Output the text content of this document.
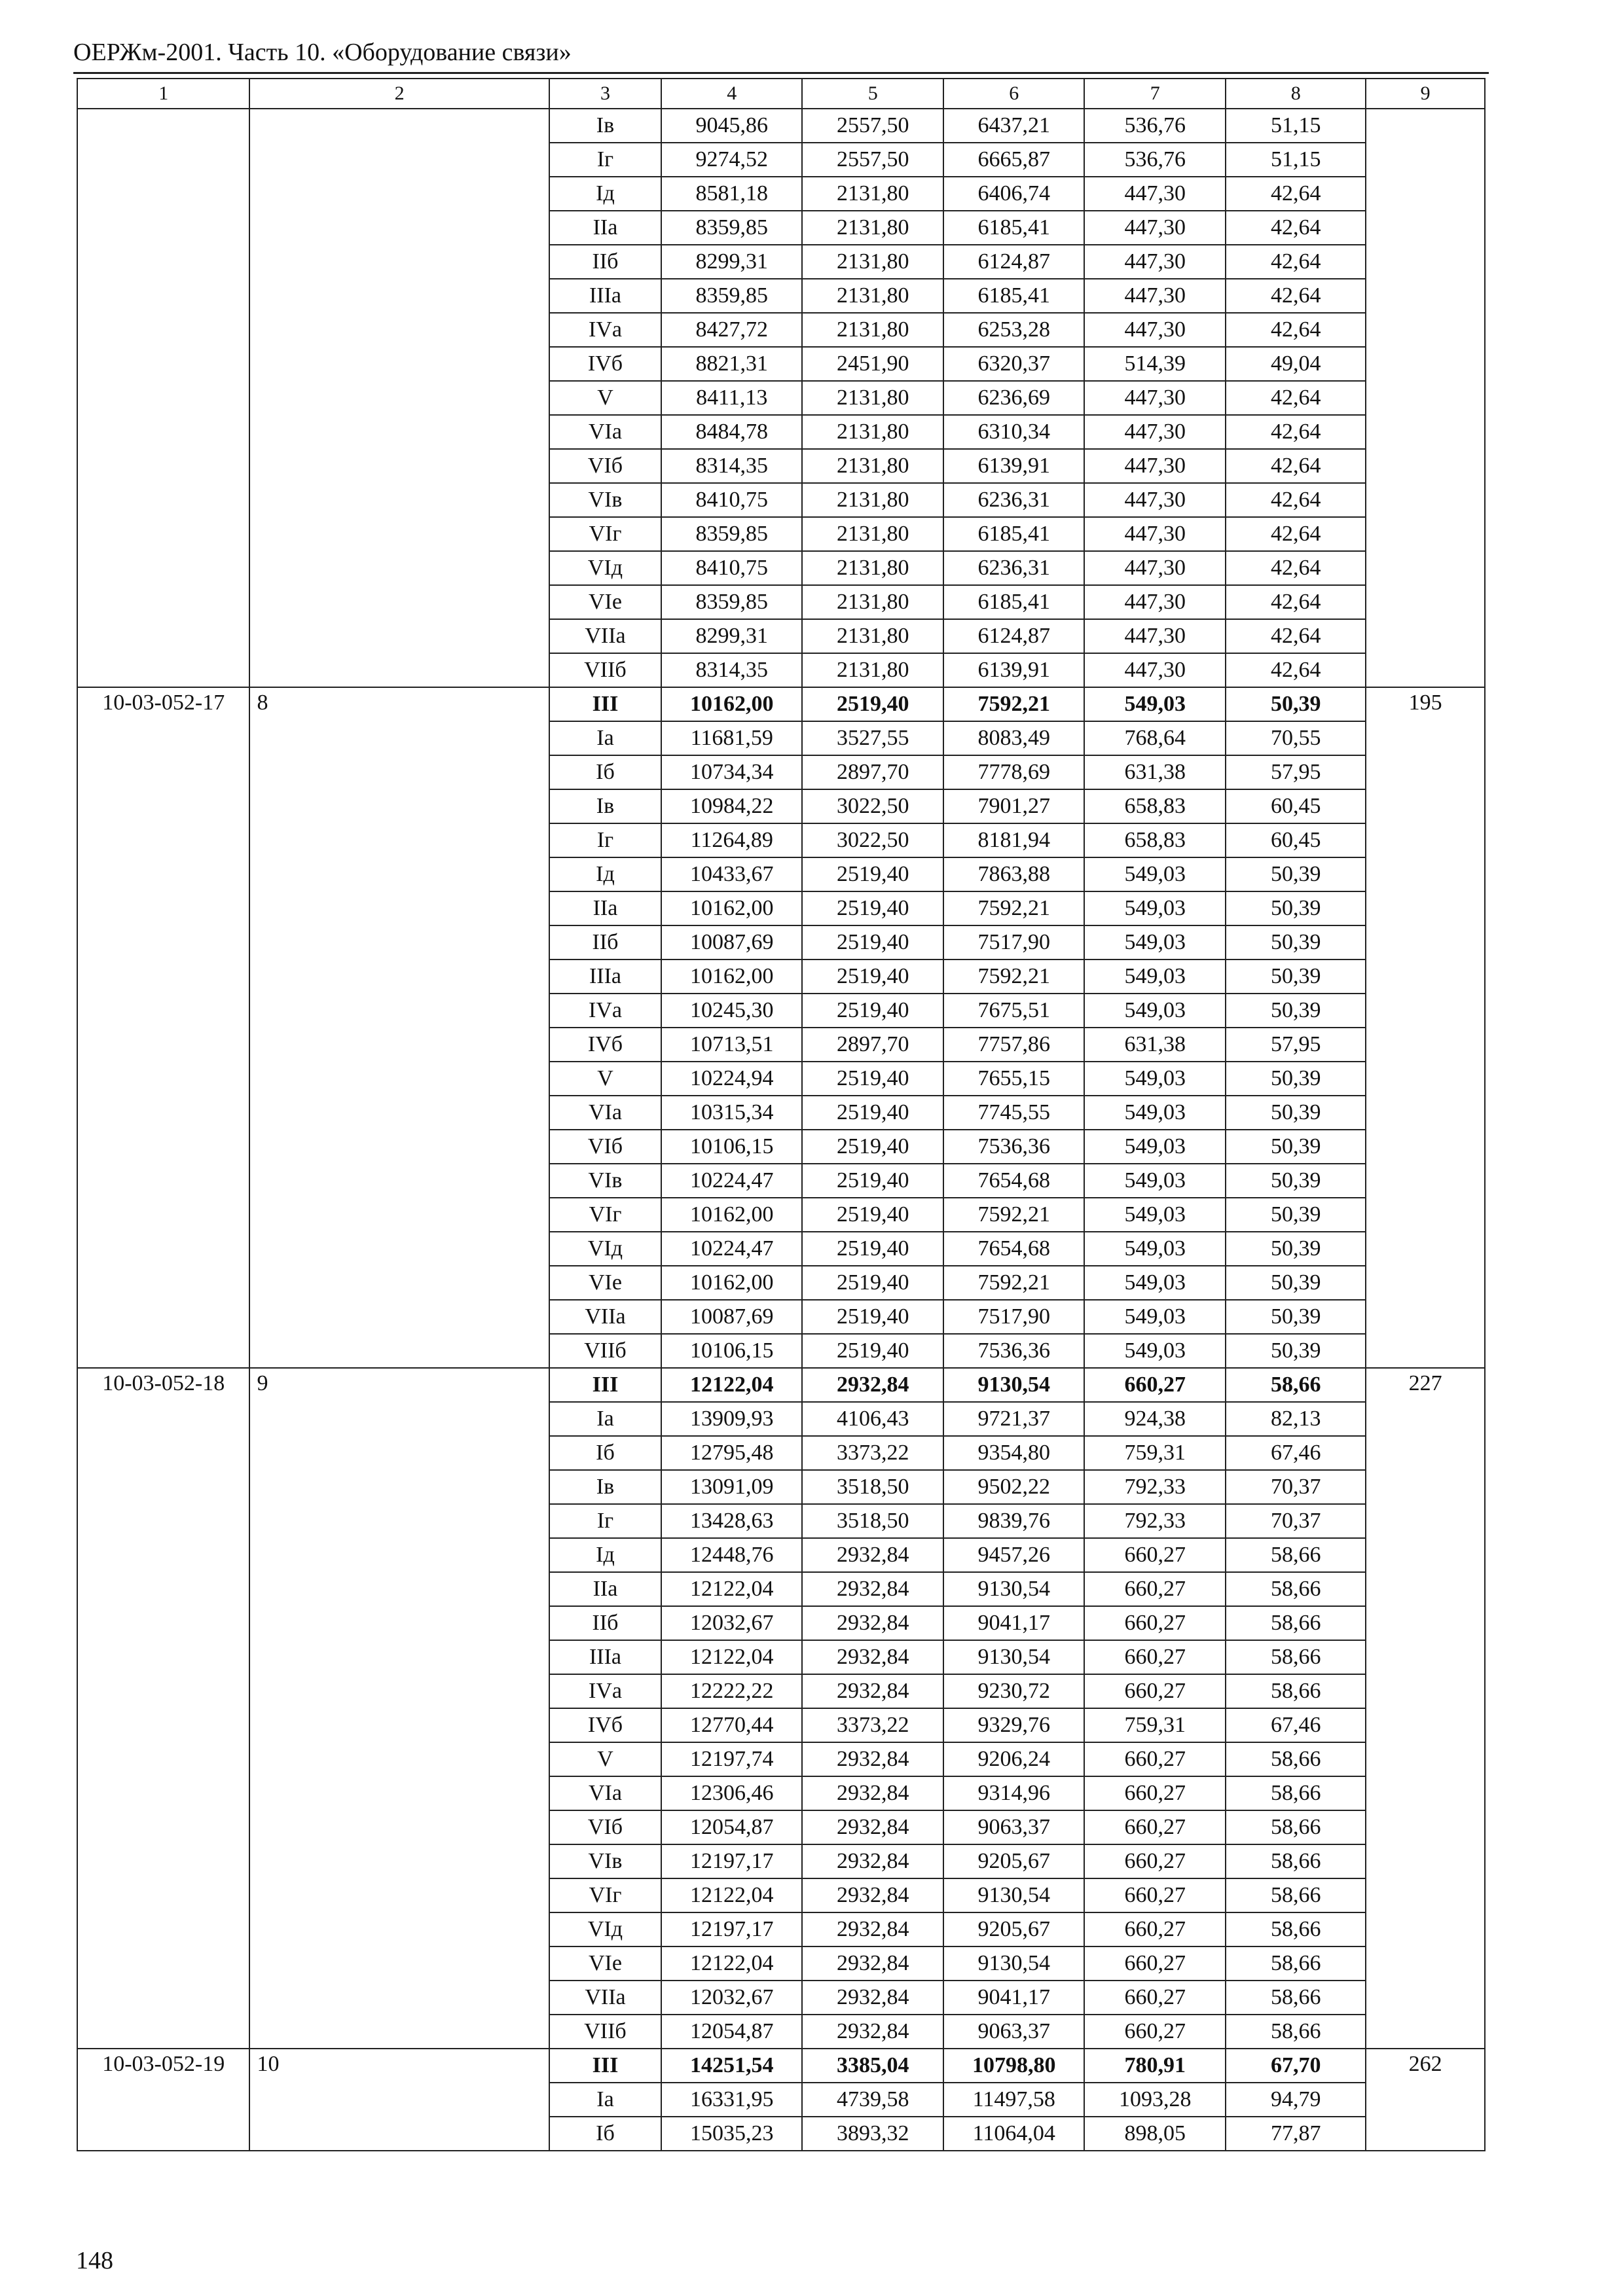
ОЕРЖм-2001. Часть 10. «Оборудование связи»
1	2	3	4	5	6	7	8	9
		Iв	9045,86	2557,50	6437,21	536,76	51,15	
		Iг	9274,52	2557,50	6665,87	536,76	51,15	
		Iд	8581,18	2131,80	6406,74	447,30	42,64	
		IIа	8359,85	2131,80	6185,41	447,30	42,64	
		IIб	8299,31	2131,80	6124,87	447,30	42,64	
		IIIа	8359,85	2131,80	6185,41	447,30	42,64	
		IVа	8427,72	2131,80	6253,28	447,30	42,64	
		IVб	8821,31	2451,90	6320,37	514,39	49,04	
		V	8411,13	2131,80	6236,69	447,30	42,64	
		VIа	8484,78	2131,80	6310,34	447,30	42,64	
		VIб	8314,35	2131,80	6139,91	447,30	42,64	
		VIв	8410,75	2131,80	6236,31	447,30	42,64	
		VIг	8359,85	2131,80	6185,41	447,30	42,64	
		VIд	8410,75	2131,80	6236,31	447,30	42,64	
		VIе	8359,85	2131,80	6185,41	447,30	42,64	
		VIIа	8299,31	2131,80	6124,87	447,30	42,64	
		VIIб	8314,35	2131,80	6139,91	447,30	42,64	
10-03-052-17	8	III	10162,00	2519,40	7592,21	549,03	50,39	195
		Iа	11681,59	3527,55	8083,49	768,64	70,55	
		Iб	10734,34	2897,70	7778,69	631,38	57,95	
		Iв	10984,22	3022,50	7901,27	658,83	60,45	
		Iг	11264,89	3022,50	8181,94	658,83	60,45	
		Iд	10433,67	2519,40	7863,88	549,03	50,39	
		IIа	10162,00	2519,40	7592,21	549,03	50,39	
		IIб	10087,69	2519,40	7517,90	549,03	50,39	
		IIIа	10162,00	2519,40	7592,21	549,03	50,39	
		IVа	10245,30	2519,40	7675,51	549,03	50,39	
		IVб	10713,51	2897,70	7757,86	631,38	57,95	
		V	10224,94	2519,40	7655,15	549,03	50,39	
		VIа	10315,34	2519,40	7745,55	549,03	50,39	
		VIб	10106,15	2519,40	7536,36	549,03	50,39	
		VIв	10224,47	2519,40	7654,68	549,03	50,39	
		VIг	10162,00	2519,40	7592,21	549,03	50,39	
		VIд	10224,47	2519,40	7654,68	549,03	50,39	
		VIе	10162,00	2519,40	7592,21	549,03	50,39	
		VIIа	10087,69	2519,40	7517,90	549,03	50,39	
		VIIб	10106,15	2519,40	7536,36	549,03	50,39	
10-03-052-18	9	III	12122,04	2932,84	9130,54	660,27	58,66	227
		Iа	13909,93	4106,43	9721,37	924,38	82,13	
		Iб	12795,48	3373,22	9354,80	759,31	67,46	
		Iв	13091,09	3518,50	9502,22	792,33	70,37	
		Iг	13428,63	3518,50	9839,76	792,33	70,37	
		Iд	12448,76	2932,84	9457,26	660,27	58,66	
		IIа	12122,04	2932,84	9130,54	660,27	58,66	
		IIб	12032,67	2932,84	9041,17	660,27	58,66	
		IIIа	12122,04	2932,84	9130,54	660,27	58,66	
		IVа	12222,22	2932,84	9230,72	660,27	58,66	
		IVб	12770,44	3373,22	9329,76	759,31	67,46	
		V	12197,74	2932,84	9206,24	660,27	58,66	
		VIа	12306,46	2932,84	9314,96	660,27	58,66	
		VIб	12054,87	2932,84	9063,37	660,27	58,66	
		VIв	12197,17	2932,84	9205,67	660,27	58,66	
		VIг	12122,04	2932,84	9130,54	660,27	58,66	
		VIд	12197,17	2932,84	9205,67	660,27	58,66	
		VIе	12122,04	2932,84	9130,54	660,27	58,66	
		VIIа	12032,67	2932,84	9041,17	660,27	58,66	
		VIIб	12054,87	2932,84	9063,37	660,27	58,66	
10-03-052-19	10	III	14251,54	3385,04	10798,80	780,91	67,70	262
		Iа	16331,95	4739,58	11497,58	1093,28	94,79	
		Iб	15035,23	3893,32	11064,04	898,05	77,87	
148
